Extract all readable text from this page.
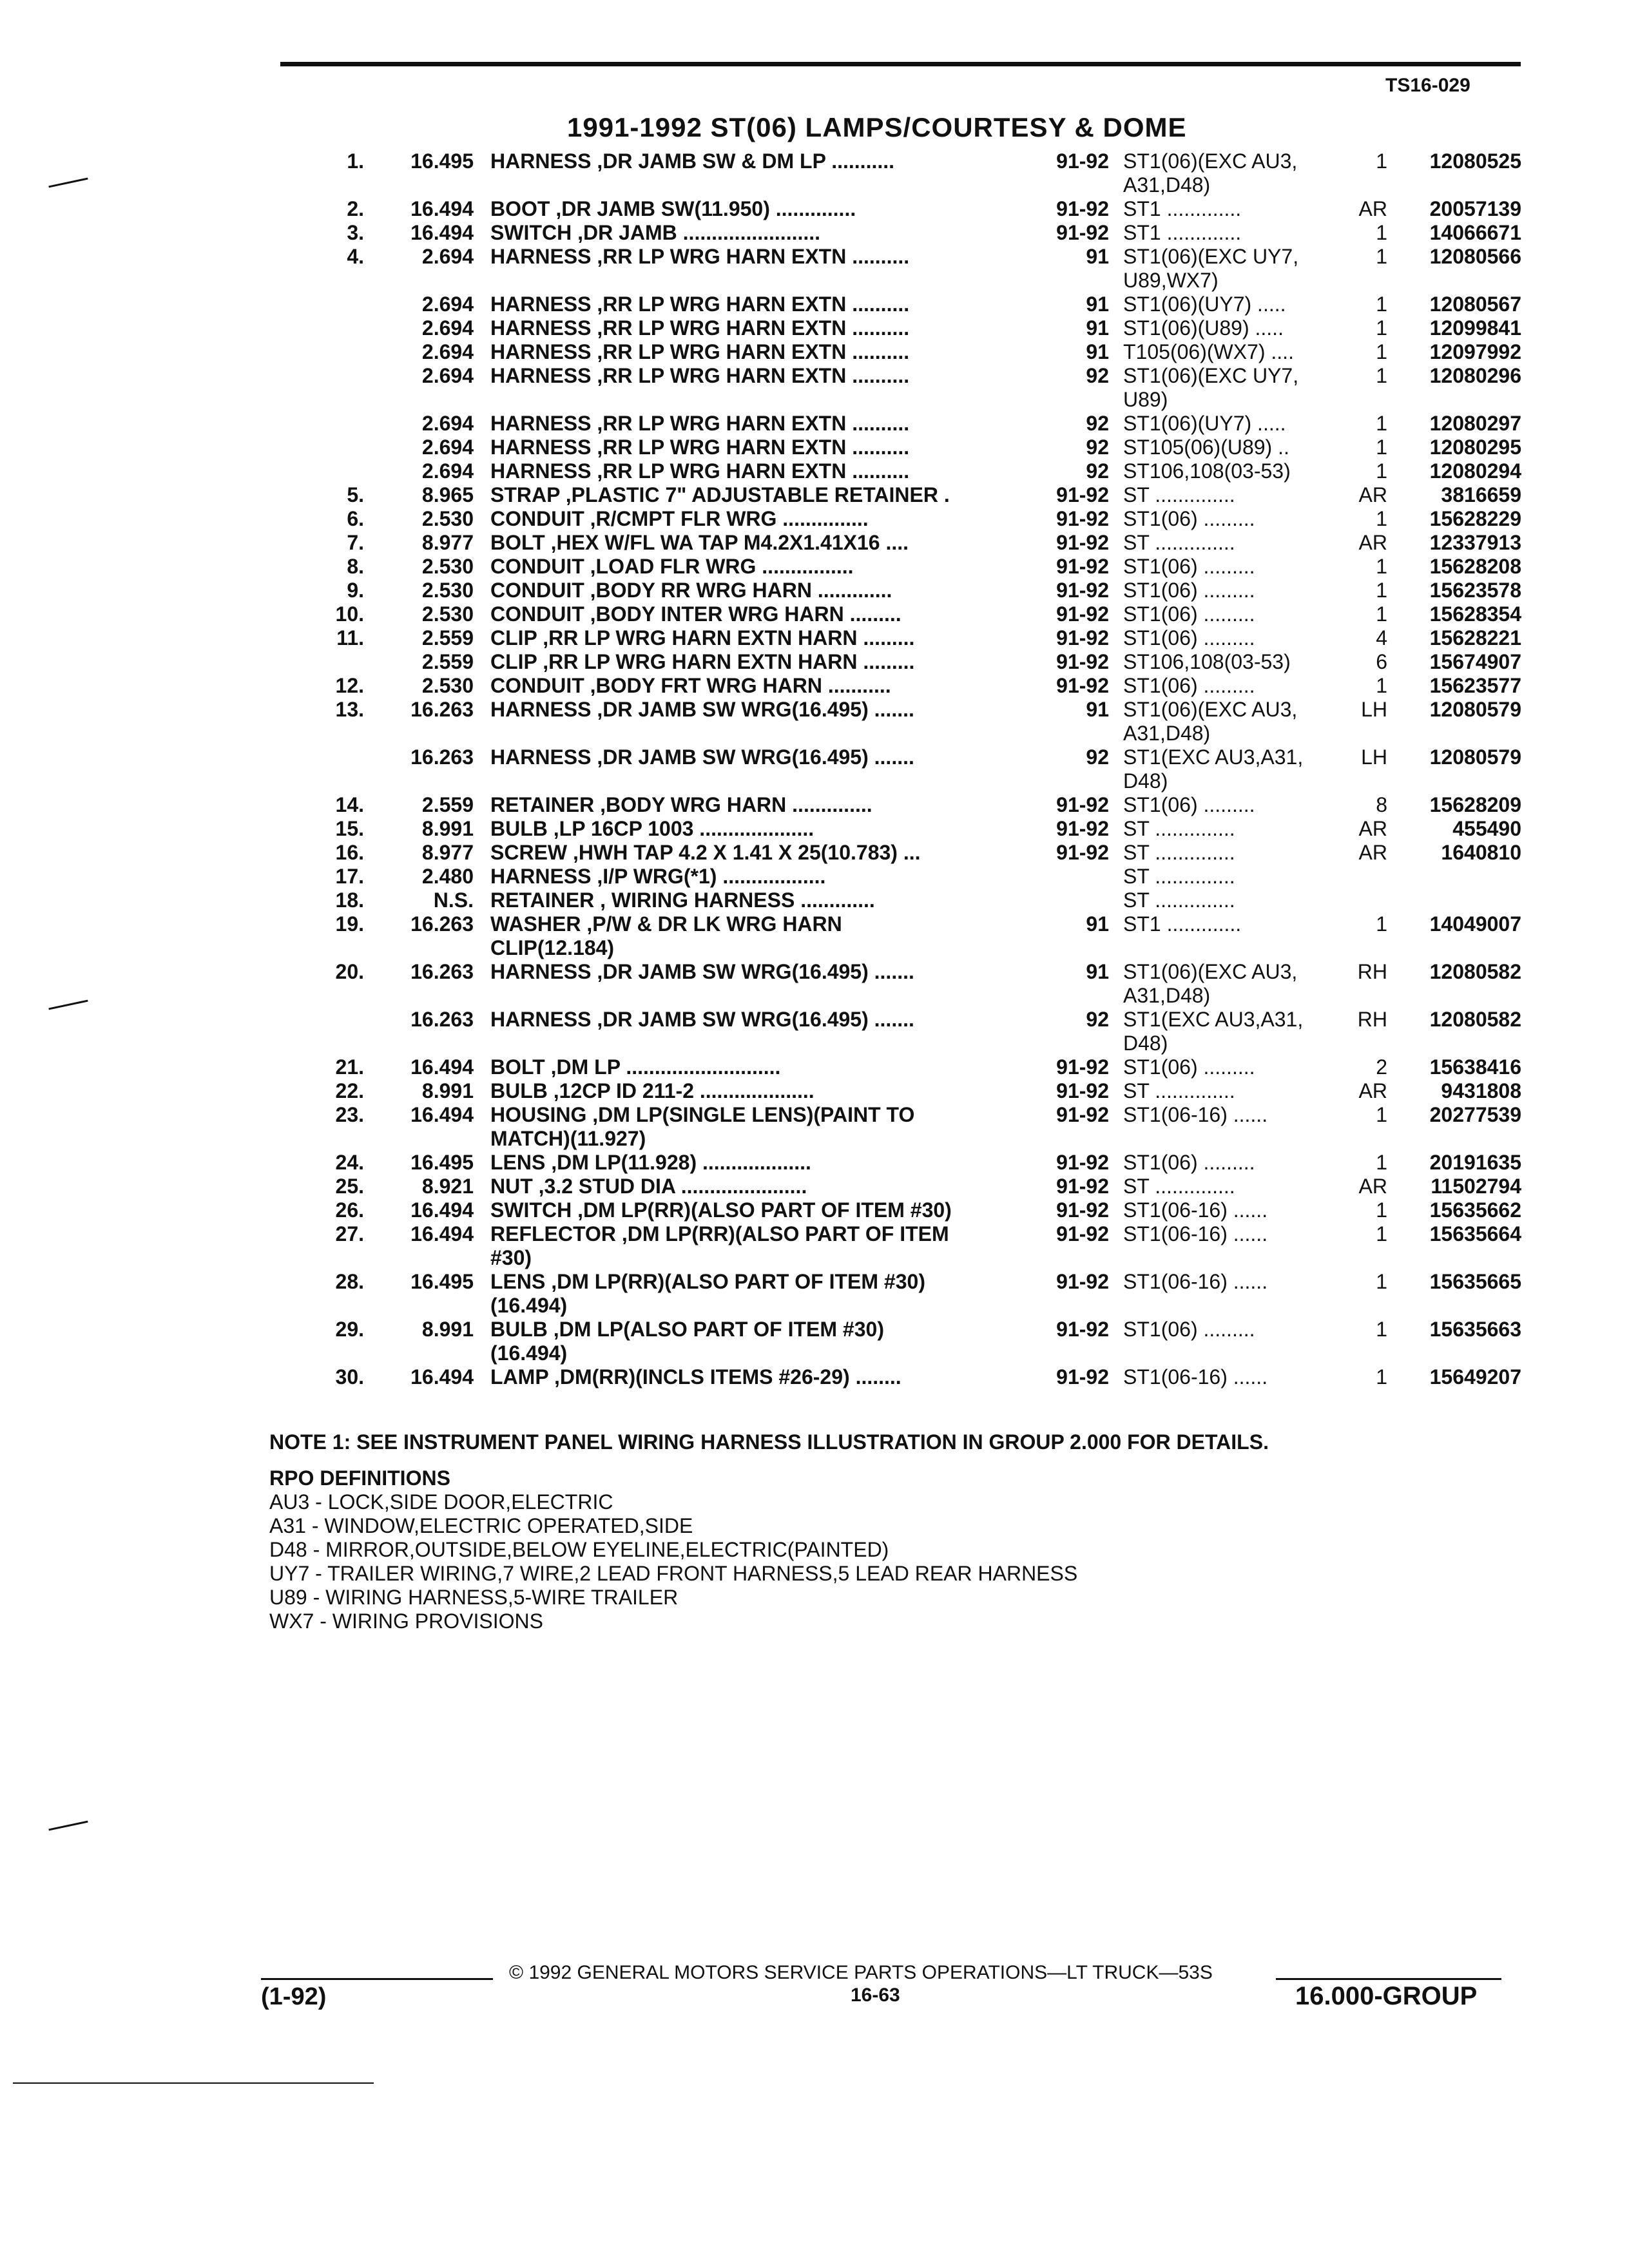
TS16-029
1991-1992 ST(06) LAMPS/COURTESY & DOME
1.	16.495	HARNESS ,DR JAMB SW & DM LP ...........	91-92	ST1(06)(EXC AU3,	1	12080525
				A31,D48)		
2.	16.494	BOOT ,DR JAMB SW(11.950) ..............	91-92	ST1 .............	AR	20057139
3.	16.494	SWITCH ,DR JAMB ........................	91-92	ST1 .............	1	14066671
4.	2.694	HARNESS ,RR LP WRG HARN EXTN ..........	91	ST1(06)(EXC UY7,	1	12080566
				U89,WX7)		
	2.694	HARNESS ,RR LP WRG HARN EXTN ..........	91	ST1(06)(UY7) .....	1	12080567
	2.694	HARNESS ,RR LP WRG HARN EXTN ..........	91	ST1(06)(U89) .....	1	12099841
	2.694	HARNESS ,RR LP WRG HARN EXTN ..........	91	T105(06)(WX7) ....	1	12097992
	2.694	HARNESS ,RR LP WRG HARN EXTN ..........	92	ST1(06)(EXC UY7,	1	12080296
				U89)		
	2.694	HARNESS ,RR LP WRG HARN EXTN ..........	92	ST1(06)(UY7) .....	1	12080297
	2.694	HARNESS ,RR LP WRG HARN EXTN ..........	92	ST105(06)(U89) ..	1	12080295
	2.694	HARNESS ,RR LP WRG HARN EXTN ..........	92	ST106,108(03-53)	1	12080294
5.	8.965	STRAP ,PLASTIC 7" ADJUSTABLE RETAINER .	91-92	ST ..............	AR	3816659
6.	2.530	CONDUIT ,R/CMPT FLR WRG ...............	91-92	ST1(06) .........	1	15628229
7.	8.977	BOLT ,HEX W/FL WA TAP M4.2X1.41X16 ....	91-92	ST ..............	AR	12337913
8.	2.530	CONDUIT ,LOAD FLR WRG ................	91-92	ST1(06) .........	1	15628208
9.	2.530	CONDUIT ,BODY RR WRG HARN .............	91-92	ST1(06) .........	1	15623578
10.	2.530	CONDUIT ,BODY INTER WRG HARN .........	91-92	ST1(06) .........	1	15628354
11.	2.559	CLIP ,RR LP WRG HARN EXTN HARN .........	91-92	ST1(06) .........	4	15628221
	2.559	CLIP ,RR LP WRG HARN EXTN HARN .........	91-92	ST106,108(03-53)	6	15674907
12.	2.530	CONDUIT ,BODY FRT WRG HARN ...........	91-92	ST1(06) .........	1	15623577
13.	16.263	HARNESS ,DR JAMB SW WRG(16.495) .......	91	ST1(06)(EXC AU3,	LH	12080579
				A31,D48)		
	16.263	HARNESS ,DR JAMB SW WRG(16.495) .......	92	ST1(EXC AU3,A31,	LH	12080579
				D48)		
14.	2.559	RETAINER ,BODY WRG HARN ..............	91-92	ST1(06) .........	8	15628209
15.	8.991	BULB ,LP 16CP 1003 ....................	91-92	ST ..............	AR	455490
16.	8.977	SCREW ,HWH TAP 4.2 X 1.41 X 25(10.783) ...	91-92	ST ..............	AR	1640810
17.	2.480	HARNESS ,I/P WRG(*1) ..................		ST ..............		
18.	N.S.	RETAINER , WIRING HARNESS .............		ST ..............		
19.	16.263	WASHER ,P/W & DR LK WRG HARN	91	ST1 .............	1	14049007
		CLIP(12.184)				
20.	16.263	HARNESS ,DR JAMB SW WRG(16.495) .......	91	ST1(06)(EXC AU3,	RH	12080582
				A31,D48)		
	16.263	HARNESS ,DR JAMB SW WRG(16.495) .......	92	ST1(EXC AU3,A31,	RH	12080582
				D48)		
21.	16.494	BOLT ,DM LP ...........................	91-92	ST1(06) .........	2	15638416
22.	8.991	BULB ,12CP ID 211-2 ....................	91-92	ST ..............	AR	9431808
23.	16.494	HOUSING ,DM LP(SINGLE LENS)(PAINT TO	91-92	ST1(06-16) ......	1	20277539
		MATCH)(11.927)				
24.	16.495	LENS ,DM LP(11.928) ...................	91-92	ST1(06) .........	1	20191635
25.	8.921	NUT ,3.2 STUD DIA ......................	91-92	ST ..............	AR	11502794
26.	16.494	SWITCH ,DM LP(RR)(ALSO PART OF ITEM #30)	91-92	ST1(06-16) ......	1	15635662
27.	16.494	REFLECTOR ,DM LP(RR)(ALSO PART OF ITEM	91-92	ST1(06-16) ......	1	15635664
		#30)				
28.	16.495	LENS ,DM LP(RR)(ALSO PART OF ITEM #30)	91-92	ST1(06-16) ......	1	15635665
		(16.494)				
29.	8.991	BULB ,DM LP(ALSO PART OF ITEM #30)	91-92	ST1(06) .........	1	15635663
		(16.494)				
30.	16.494	LAMP ,DM(RR)(INCLS ITEMS #26-29) ........	91-92	ST1(06-16) ......	1	15649207
NOTE 1: SEE INSTRUMENT PANEL WIRING HARNESS ILLUSTRATION IN GROUP 2.000 FOR DETAILS.
RPO DEFINITIONS
AU3 - LOCK,SIDE DOOR,ELECTRIC
A31 - WINDOW,ELECTRIC OPERATED,SIDE
D48 - MIRROR,OUTSIDE,BELOW EYELINE,ELECTRIC(PAINTED)
UY7 - TRAILER WIRING,7 WIRE,2 LEAD FRONT HARNESS,5 LEAD REAR HARNESS
U89 - WIRING HARNESS,5-WIRE TRAILER
WX7 - WIRING PROVISIONS
© 1992 GENERAL MOTORS SERVICE PARTS OPERATIONS—LT TRUCK—53S
(1-92)	16-63	16.000-GROUP
